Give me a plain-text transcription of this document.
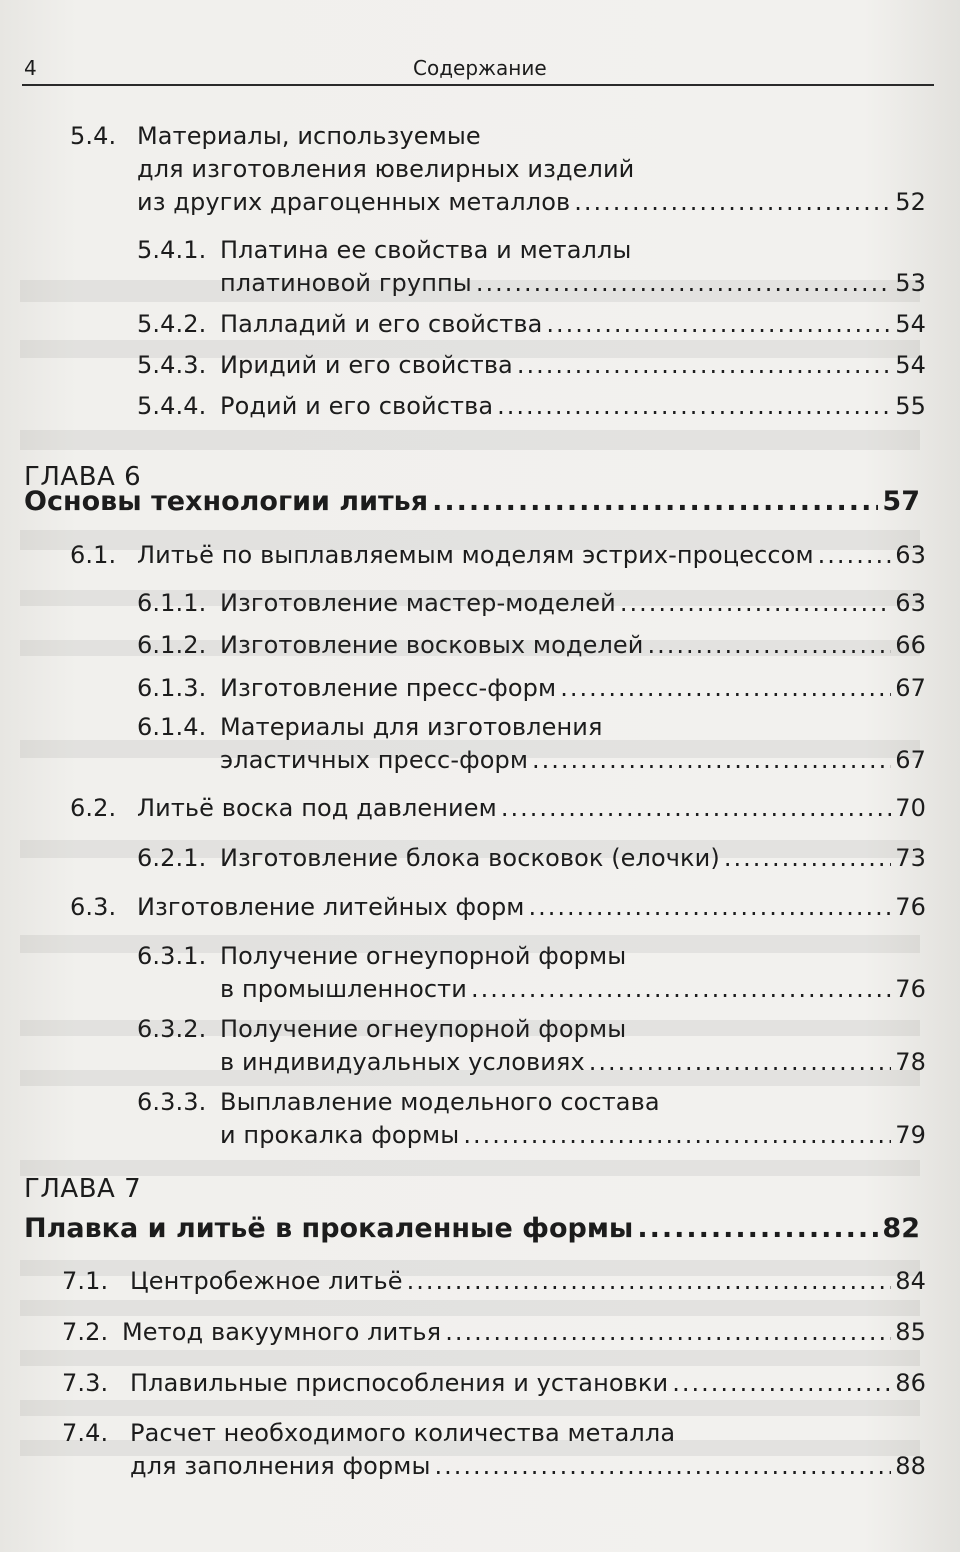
4	Содержание
5.4. Материалы, используемые
для изготовления ювелирных изделий
из других драгоценных металлов .....	52
5.4.1. Платина ее свойства и металлы
платиновой группы .....	53
5.4.2. Палладий и его свойства .....	54
5.4.3. Иридий и его свойства .....	54
5.4.4. Родий и его свойства .....	55
6.1. Литьё по выплавляемым моделям эстрих-процессом .....	63
6.1.1. Изготовление мастер-моделей .....	63
6.1.2. Изготовление восковых моделей .....	66
6.1.3. Изготовление пресс-форм .....	67
6.1.4. Материалы для изготовления
эластичных пресс-форм .....	67
6.2. Литьё воска под давлением .....	70
6.2.1. Изготовление блока восковок (елочки) .....	73
6.3. Изготовление литейных форм .....	76
6.3.1. Получение огнеупорной формы
в промышленности .....	76
6.3.2. Получение огнеупорной формы
в индивидуальных условиях .....	78
6.3.3. Выплавление модельного состава
и прокалка формы .....	79
7.1. Центробежное литьё .....	84
7.2. Метод вакуумного литья .....	85
7.3. Плавильные приспособления и установки .....	86
7.4. Расчет необходимого количества металла
для заполнения формы .....	88
ГЛАВА 6
Основы технологии литья .....	57
ГЛАВА 7
Плавка и литьё в прокаленные формы .....	82
